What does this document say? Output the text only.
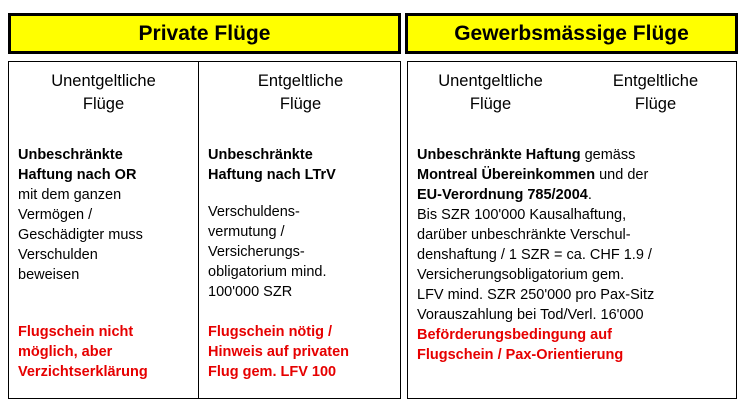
Private Flüge	Gewerbsmässige Flüge
Unentgeltliche
Flüge
Unbeschränkte
Haftung nach OR
mit dem ganzen
Vermögen /
Geschädigter muss
Verschulden
beweisen
Flugschein nicht
möglich, aber
Verzichtserklärung
Entgeltliche
Flüge
Unbeschränkte
Haftung nach LTrV
Verschuldens-
vermutung /
Versicherungs-
obligatorium mind.
100'000 SZR
Flugschein nötig /
Hinweis auf privaten
Flug gem. LFV 100
Unentgeltliche
Flüge
Entgeltliche
Flüge
Unbeschränkte Haftung gemäss
Montreal Übereinkommen und der
EU-Verordnung 785/2004.
Bis SZR 100'000 Kausalhaftung,
darüber unbeschränkte Verschul-
denshaftung / 1 SZR = ca. CHF 1.9 /
Versicherungsobligatorium gem.
LFV mind. SZR 250'000 pro Pax-Sitz
Vorauszahlung bei Tod/Verl. 16'000
Beförderungsbedingung auf
Flugschein / Pax-Orientierung
